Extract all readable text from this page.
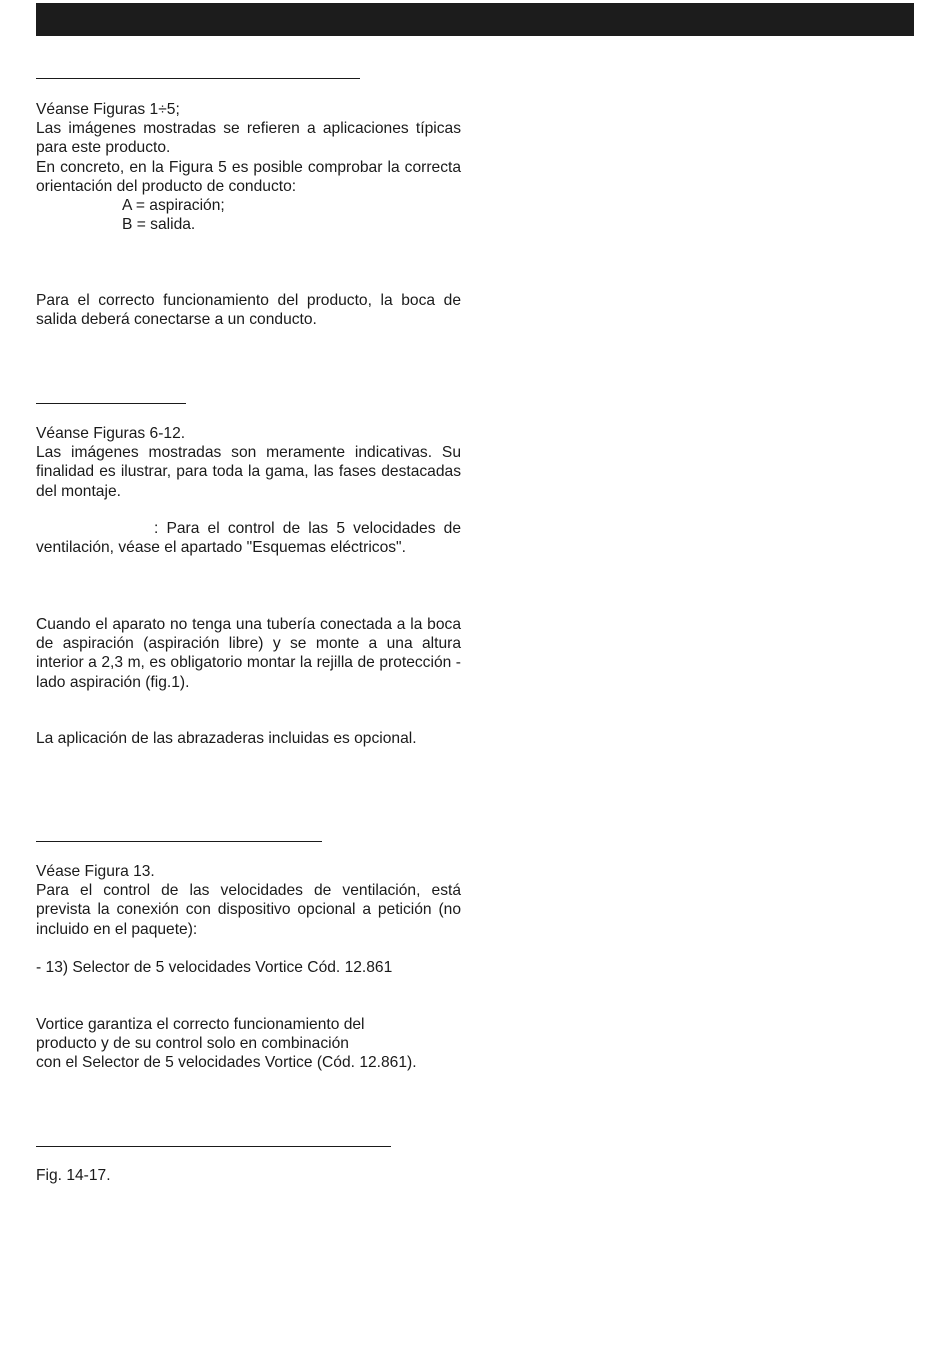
Véanse Figuras 1÷5;

Las imágenes mostradas se refieren a aplicaciones típicas para este producto.

En concreto, en la Figura 5 es posible comprobar la correcta orientación del producto de conducto:

A = aspiración;

B = salida.

Para el correcto funcionamiento del producto, la boca de salida deberá conectarse a un conducto.

Véanse Figuras 6-12.

Las imágenes mostradas son meramente indicativas. Su finalidad es ilustrar, para toda la gama, las fases destacadas del montaje.

: Para el control de las 5 velocidades de ventilación, véase el apartado "Esquemas eléctricos".
Cuando el aparato no tenga una tubería conectada a la boca de aspiración (aspiración libre) y se monte a una altura interior a 2,3 m, es obligatorio montar la rejilla de protección - lado aspiración (fig.1).
La aplicación de las abrazaderas incluidas es opcional.

Véase Figura 13.

Para el control de las velocidades de ventilación, está prevista la conexión con dispositivo opcional a petición (no incluido en el paquete):

- 13) Selector de 5 velocidades Vortice Cód. 12.861

Vortice garantiza el correcto funcionamiento del producto y de su control solo en combinación

con el Selector de 5 velocidades Vortice (Cód. 12.861).

Fig. 14-17.
